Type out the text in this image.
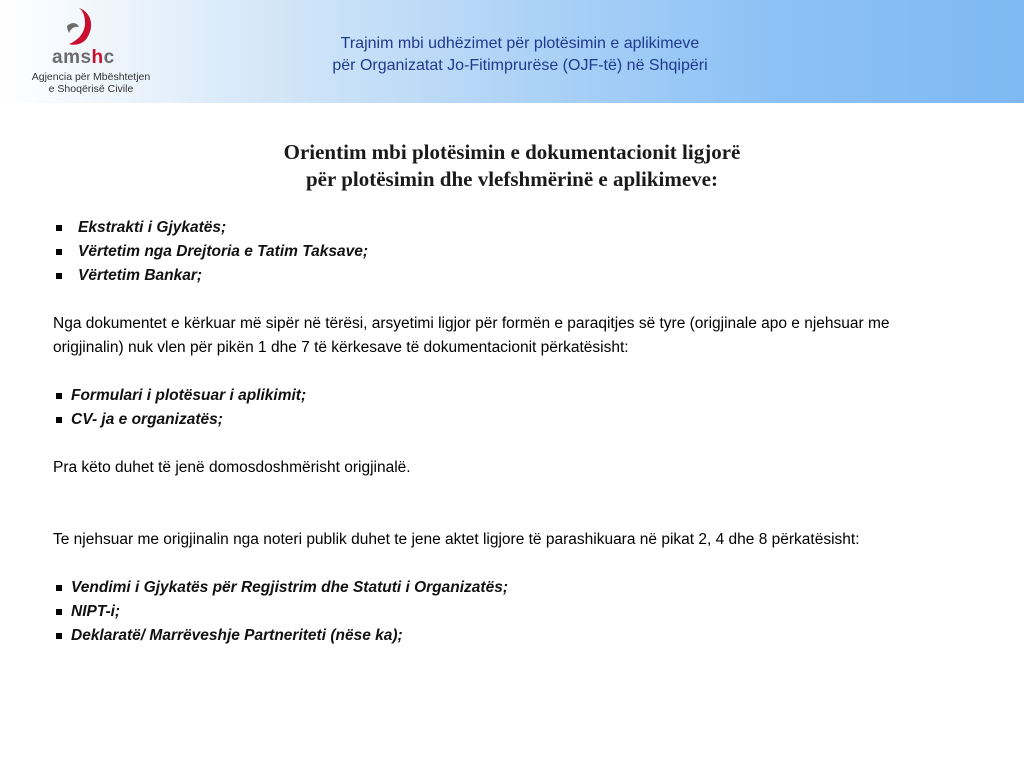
amshc
Agjencia për Mbështetjen
e Shoqërisë Civile
Trajnim mbi udhëzimet për plotësimin e aplikimeve
për Organizatat Jo-Fitimprurëse (OJF-të) në Shqipëri
Orientim mbi plotësimin e dokumentacionit ligjorë
për plotësimin dhe vlefshmërinë e aplikimeve:
Ekstrakti i Gjykatës;
Vërtetim nga Drejtoria e Tatim Taksave;
Vërtetim Bankar;

Nga dokumentet e kërkuar më sipër në tërësi, arsyetimi ligjor për formën e paraqitjes së tyre (origjinale apo e njehsuar me origjinalin) nuk vlen për pikën 1 dhe 7 të kërkesave të dokumentacionit përkatësisht:

Formulari i plotësuar i aplikimit;
CV- ja e organizatës;

Pra këto duhet të jenë domosdoshmërisht origjinalë.

Te njehsuar me origjinalin nga noteri publik duhet te jene aktet ligjore të parashikuara në pikat 2, 4 dhe 8 përkatësisht:

Vendimi i Gjykatës për Regjistrim dhe Statuti i Organizatës;
NIPT-i;
Deklaratë/ Marrëveshje Partneriteti (nëse ka);
